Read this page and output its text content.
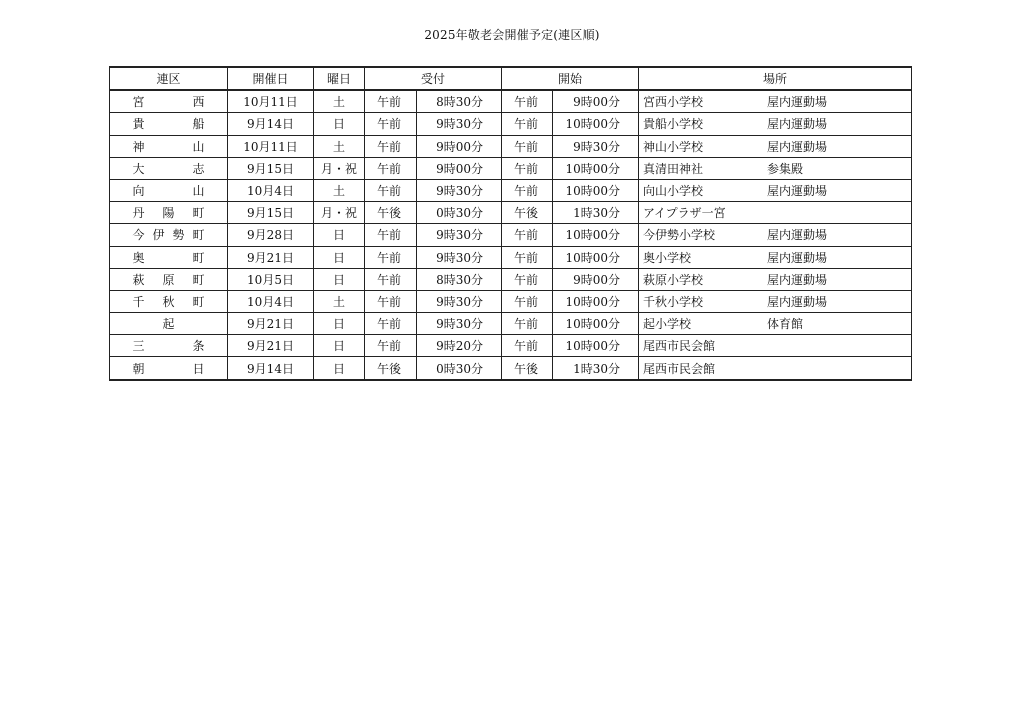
2025年敬老会開催予定(連区順)
連区	開催日	曜日	受付		開始		場所
宮 西	10月11日	土	午前	8時30分	午前	9時00分	宮西小学校 屋内運動場

貴 船	9月14日	日	午前	9時30分	午前	10時00分	貴船小学校 屋内運動場

神 山	10月11日	土	午前	9時00分	午前	9時30分	神山小学校 屋内運動場

大 志	9月15日	月・祝	午前	9時00分	午前	10時00分	真清田神社 参集殿

向 山	10月4日	土	午前	9時30分	午前	10時00分	向山小学校 屋内運動場

丹 陽 町	9月15日	月・祝	午後	0時30分	午後	1時30分	アイプラザ一宮

今 伊 勢 町	9月28日	日	午前	9時30分	午前	10時00分	今伊勢小学校 屋内運動場

奥 町	9月21日	日	午前	9時30分	午前	10時00分	奥小学校 屋内運動場

萩 原 町	10月5日	日	午前	8時30分	午前	9時00分	萩原小学校 屋内運動場

千 秋 町	10月4日	土	午前	9時30分	午前	10時00分	千秋小学校 屋内運動場

起	9月21日	日	午前	9時30分	午前	10時00分	起小学校 体育館

三 条	9月21日	日	午前	9時20分	午前	10時00分	尾西市民会館

朝 日	9月14日	日	午後	0時30分	午後	1時30分	尾西市民会館
